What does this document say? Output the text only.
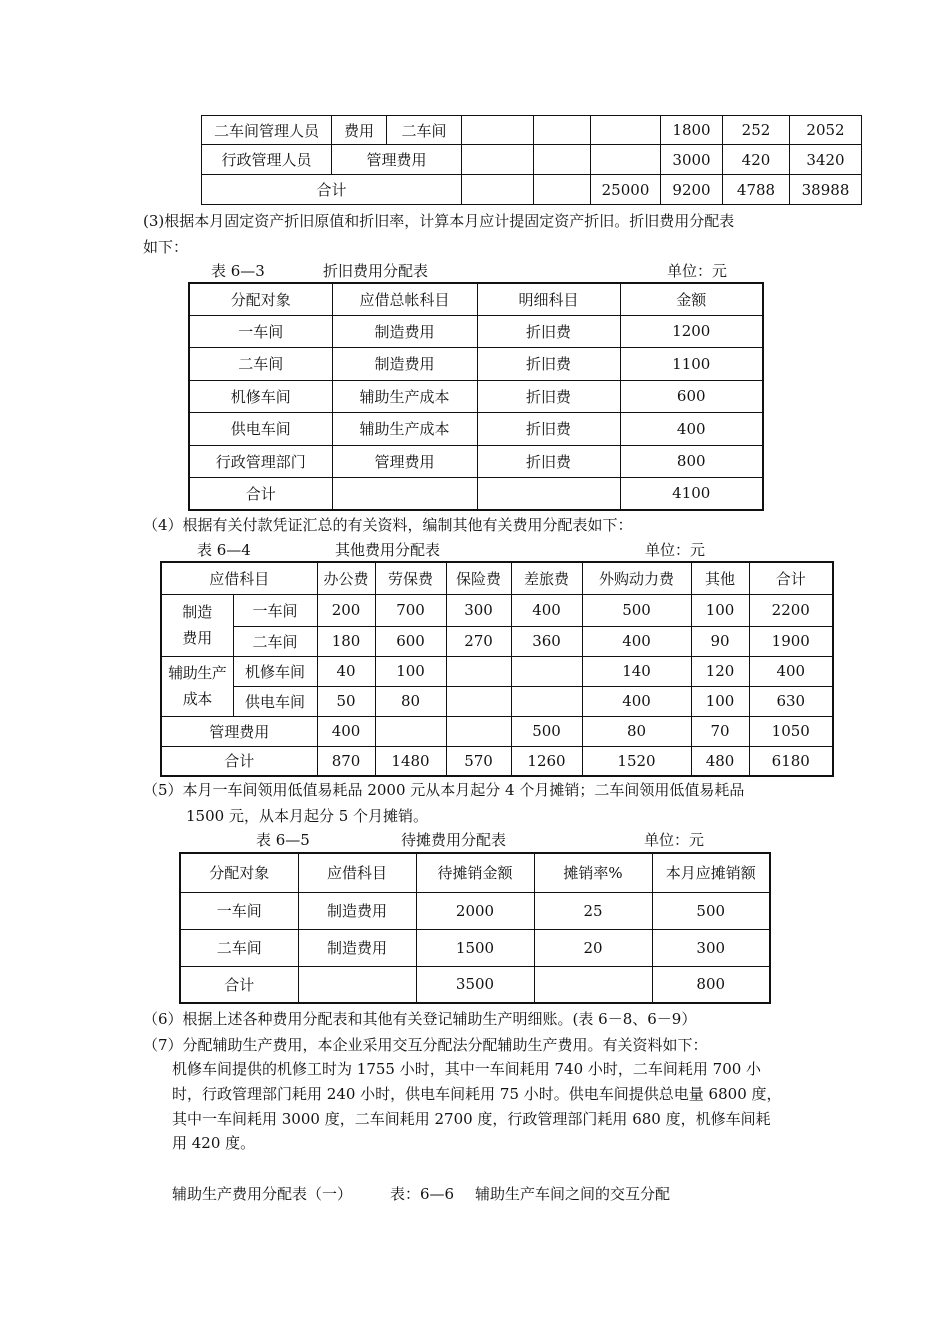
二车间管理人员	费用	二车间				1800	252	2052
行政管理人员	管理费用					3000	420	3420
合计					25000	9200	4788	38988
(3)根据本月固定资产折旧原值和折旧率，计算本月应计提固定资产折旧。折旧费用分配表
如下：
表 6—3	折旧费用分配表	单位：元
分配对象	应借总帐科目	明细科目	金额
一车间	制造费用	折旧费	1200
二车间	制造费用	折旧费	1100
机修车间	辅助生产成本	折旧费	600
供电车间	辅助生产成本	折旧费	400
行政管理部门	管理费用	折旧费	800
合计			4100
（4）根据有关付款凭证汇总的有关资料，编制其他有关费用分配表如下：
表 6—4	其他费用分配表	单位：元
应借科目		办公费	劳保费	保险费	差旅费	外购动力费	其他	合计
制造费用	一车间	200	700	300	400	500	100	2200
	二车间	180	600	270	360	400	90	1900
辅助生产成本	机修车间	40	100			140	120	400
	供电车间	50	80			400	100	630
管理费用		400			500	80	70	1050
合计		870	1480	570	1260	1520	480	6180
（5）本月一车间领用低值易耗品 2000 元从本月起分 4 个月摊销；二车间领用低值易耗品
1500 元，从本月起分 5 个月摊销。
表 6—5	待摊费用分配表	单位：元
分配对象	应借科目	待摊销金额	摊销率%	本月应摊销额
一车间	制造费用	2000	25	500
二车间	制造费用	1500	20	300
合计		3500		800
（6）根据上述各种费用分配表和其他有关登记辅助生产明细账。(表 6－8、6－9）
（7）分配辅助生产费用，本企业采用交互分配法分配辅助生产费用。有关资料如下：
机修车间提供的机修工时为 1755 小时，其中一车间耗用 740 小时，二车间耗用 700 小
时，行政管理部门耗用 240 小时，供电车间耗用 75 小时。供电车间提供总电量 6800 度，
其中一车间耗用 3000 度，二车间耗用 2700 度，行政管理部门耗用 680 度，机修车间耗
用 420 度。
辅助生产费用分配表（一）	表：6—6 辅助生产车间之间的交互分配
